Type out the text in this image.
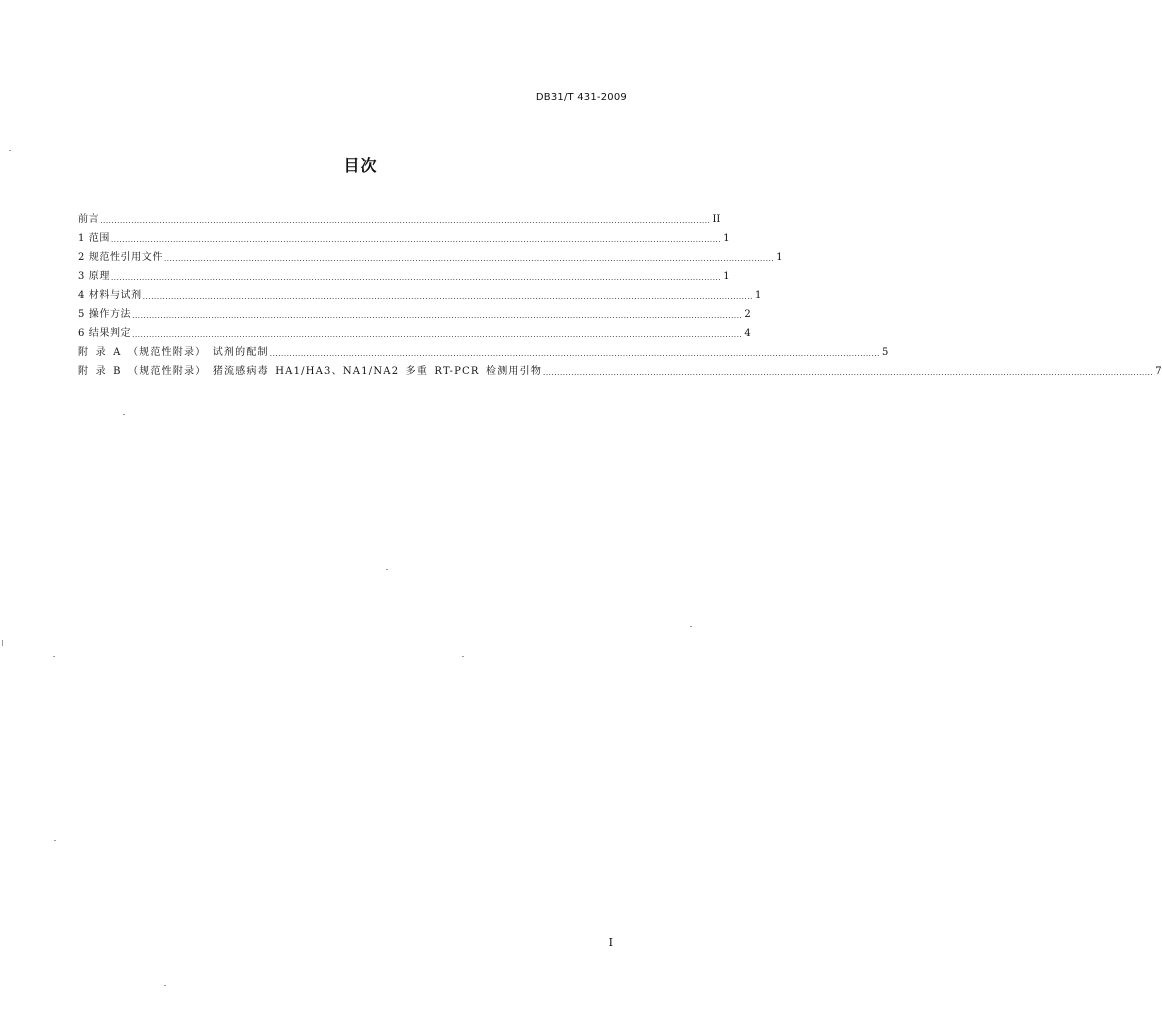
DB31/T 431-2009
目次
前言 ........................................................................................................................................................................................................................ II
1 范围 ........................................................................................................................................................................................................................ 1
2 规范性引用文件 ........................................................................................................................................................................................................................ 1
3 原理 ........................................................................................................................................................................................................................ 1
4 材料与试剂 ........................................................................................................................................................................................................................ 1
5 操作方法 ........................................................................................................................................................................................................................ 2
6 结果判定 ........................................................................................................................................................................................................................ 4
附 录 A （规范性附录） 试剂的配制 ........................................................................................................................................................................................................................ 5
附 录 B （规范性附录） 猪流感病毒 HA1/HA3、NA1/NA2 多重 RT-PCR 检测用引物 ........................................................................................................................................................................................................................ 7
I
